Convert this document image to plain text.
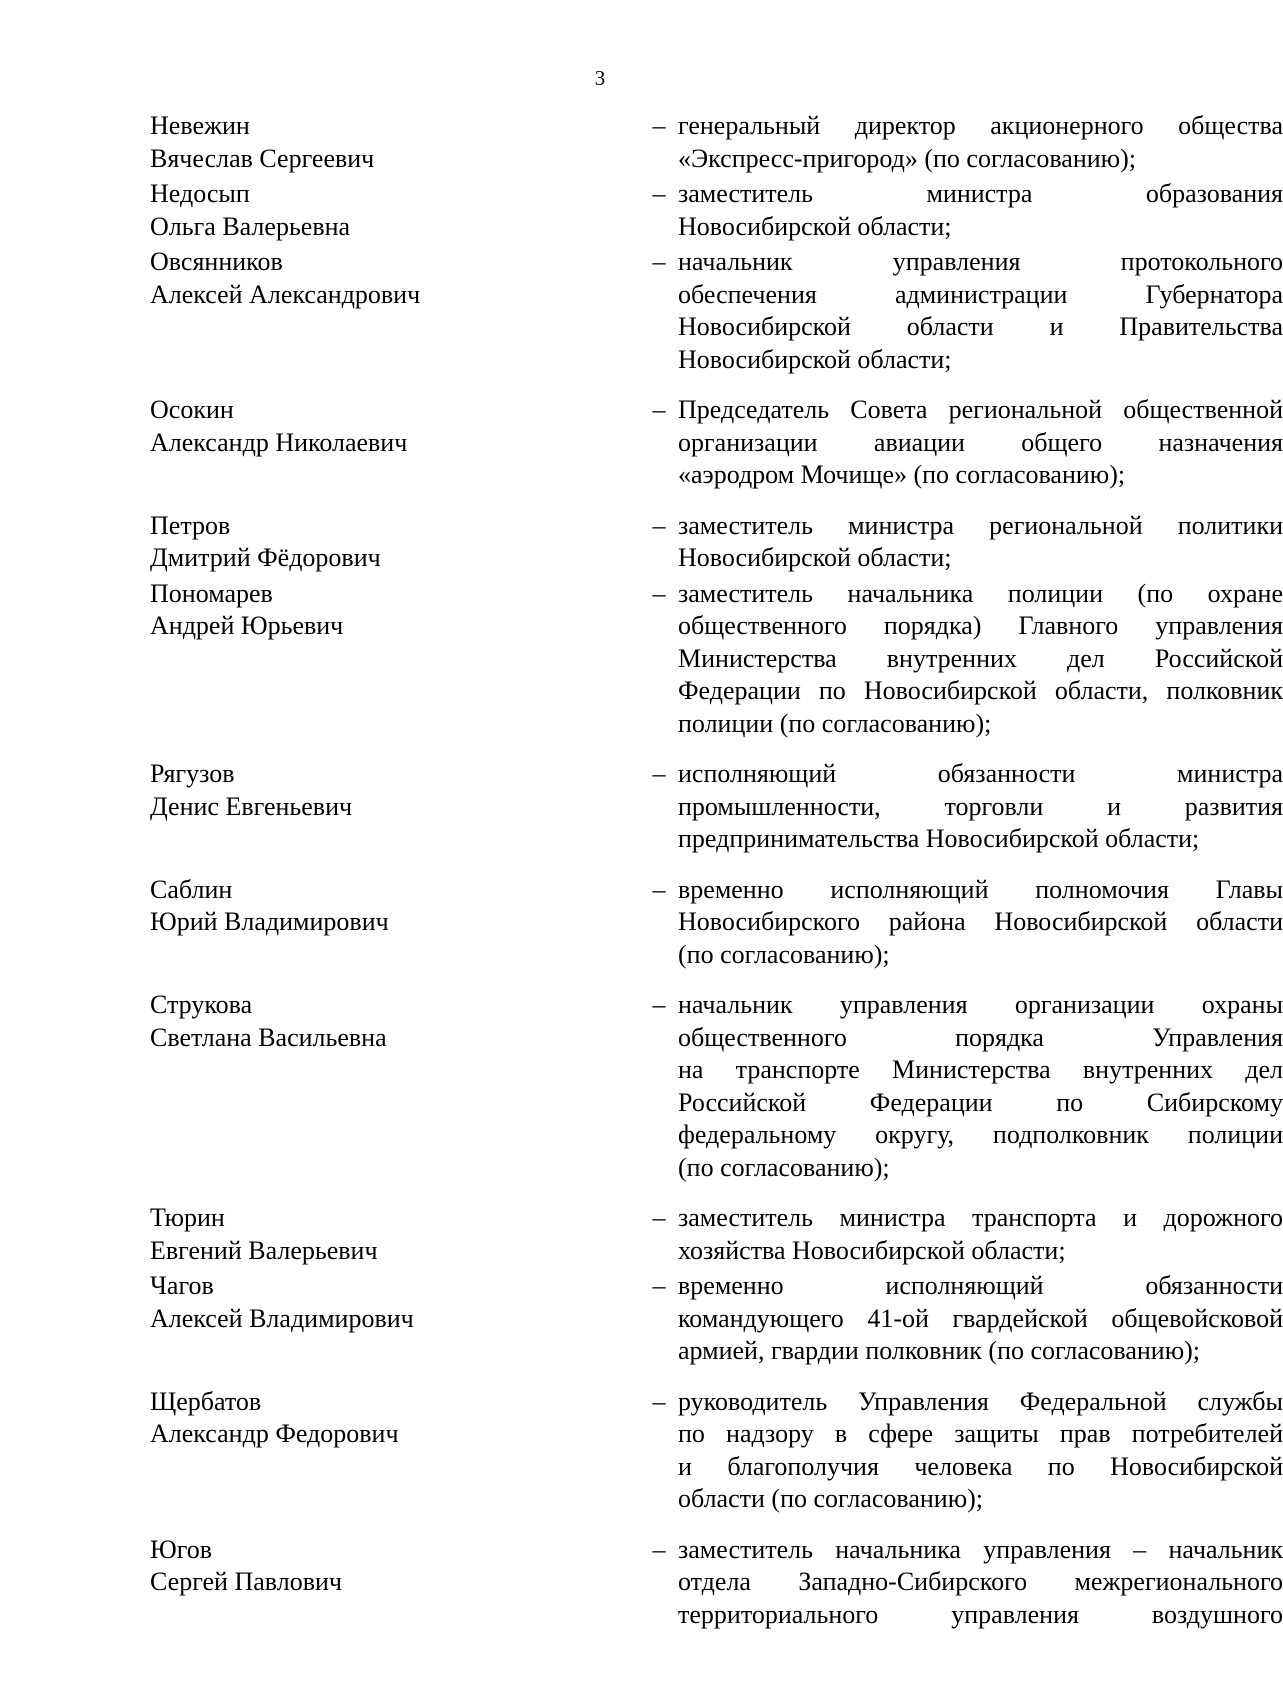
3
Невежин
Вячеслав Сергеевич
– генеральный директор акционерного общества
«Экспресс-пригород» (по согласованию);
Недосып
Ольга Валерьевна
– заместитель министра образования
Новосибирской области;
Овсянников
Алексей Александрович
– начальник управления протокольного
обеспечения администрации Губернатора
Новосибирской области и Правительства
Новосибирской области;
Осокин
Александр Николаевич
– Председатель Совета региональной общественной
организации авиации общего назначения
«аэродром Мочище» (по согласованию);
Петров
Дмитрий Фёдорович
– заместитель министра региональной политики
Новосибирской области;
Пономарев
Андрей Юрьевич
– заместитель начальника полиции (по охране
общественного порядка) Главного управления
Министерства внутренних дел Российской
Федерации по Новосибирской области, полковник
полиции (по согласованию);
Рягузов
Денис Евгеньевич
– исполняющий обязанности министра
промышленности, торговли и развития
предпринимательства Новосибирской области;
Саблин
Юрий Владимирович
– временно исполняющий полномочия Главы
Новосибирского района Новосибирской области
(по согласованию);
Струкова
Светлана Васильевна
– начальник управления организации охраны
общественного порядка Управления
на транспорте Министерства внутренних дел
Российской Федерации по Сибирскому
федеральному округу, подполковник полиции
(по согласованию);
Тюрин
Евгений Валерьевич
– заместитель министра транспорта и дорожного
хозяйства Новосибирской области;
Чагов
Алексей Владимирович
– временно исполняющий обязанности
командующего 41-ой гвардейской общевойсковой
армией, гвардии полковник (по согласованию);
Щербатов
Александр Федорович
– руководитель Управления Федеральной службы
по надзору в сфере защиты прав потребителей
и благополучия человека по Новосибирской
области (по согласованию);
Югов
Сергей Павлович
– заместитель начальника управления – начальник
отдела Западно-Сибирского межрегионального
территориального управления воздушного
